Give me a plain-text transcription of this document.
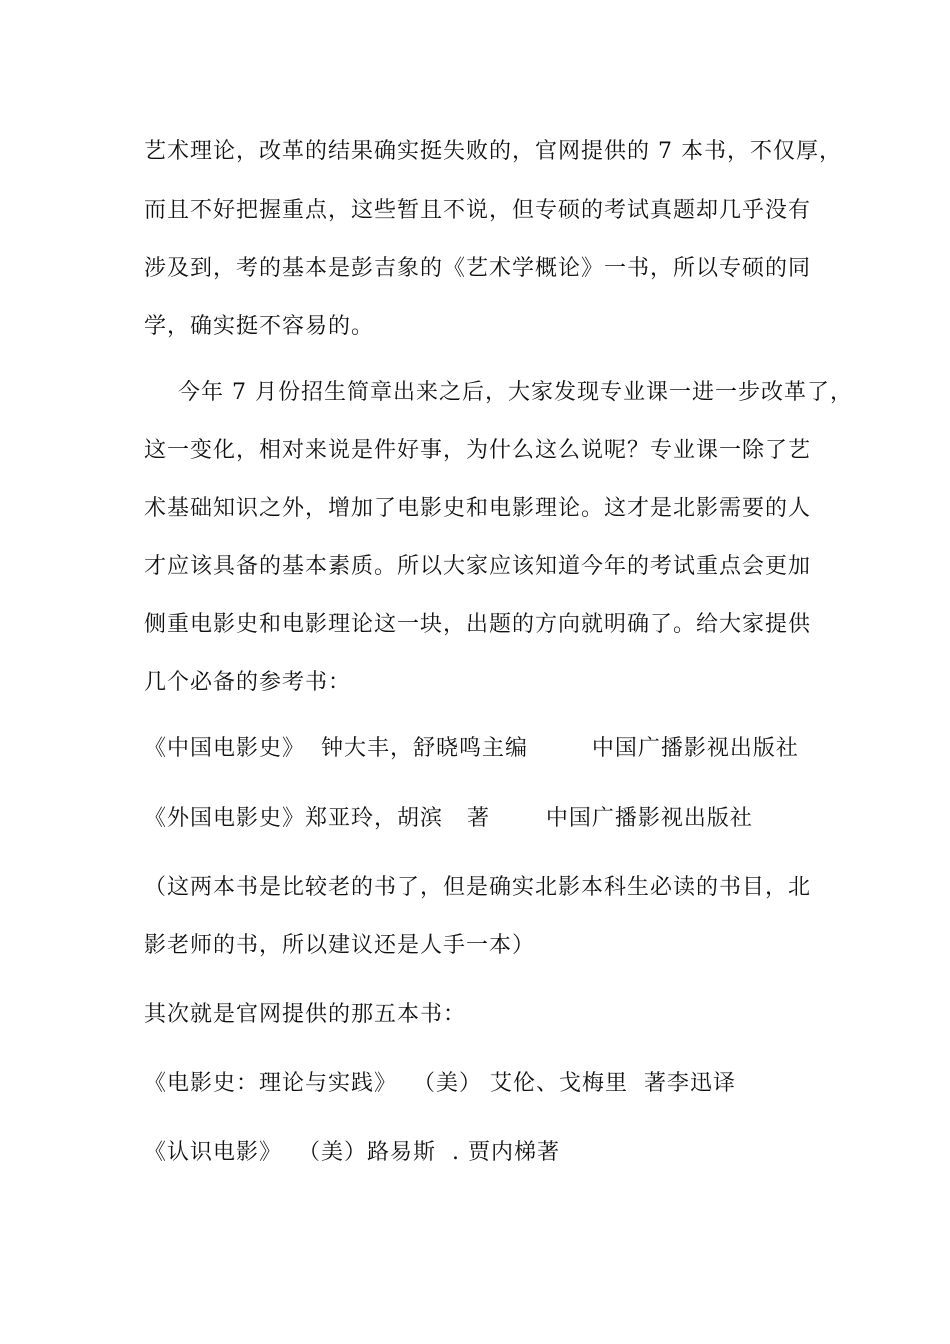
艺术理论，改革的结果确实挺失败的，官网提供的 7 本书，不仅厚，
而且不好把握重点，这些暂且不说，但专硕的考试真题却几乎没有
涉及到，考的基本是彭吉象的《艺术学概论》一书，所以专硕的同
学，确实挺不容易的。
今年 7 月份招生简章出来之后，大家发现专业课一进一步改革了，
这一变化，相对来说是件好事，为什么这么说呢？专业课一除了艺
术基础知识之外，增加了电影史和电影理论。这才是北影需要的人
才应该具备的基本素质。所以大家应该知道今年的考试重点会更加
侧重电影史和电影理论这一块，出题的方向就明确了。给大家提供
几个必备的参考书：
《中国电影史》  钟大丰，舒晓鸣主编        中国广播影视出版社
《外国电影史》郑亚玲，胡滨   著       中国广播影视出版社
（这两本书是比较老的书了，但是确实北影本科生必读的书目，北
影老师的书，所以建议还是人手一本）
其次就是官网提供的那五本书：
《电影史：理论与实践》  （美） 艾伦、戈梅里  著李迅译
《认识电影》  （美）路易斯  . 贾内梯著
